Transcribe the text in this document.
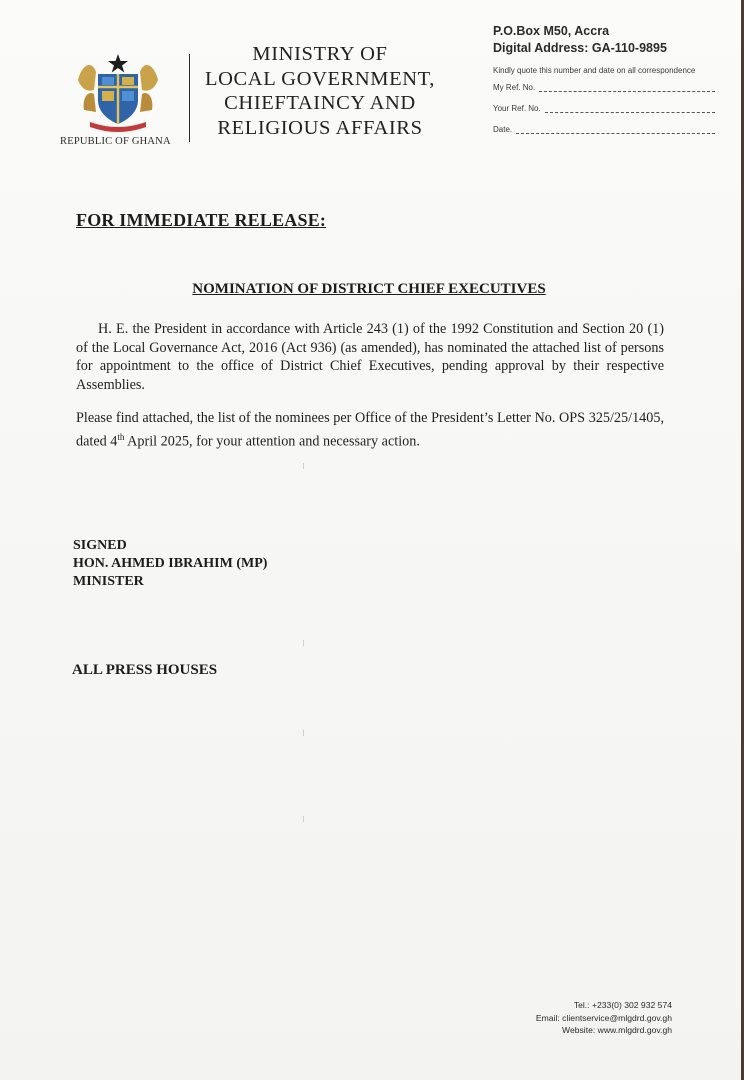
REPUBLIC OF GHANA
MINISTRY OF
LOCAL GOVERNMENT,
CHIEFTAINCY AND
RELIGIOUS AFFAIRS
P.O.Box M50, Accra
Digital Address: GA-110-9895
Kindly quote this number and date on all correspondence
My Ref. No.
Your Ref. No.
Date.
FOR IMMEDIATE RELEASE:
NOMINATION OF DISTRICT CHIEF EXECUTIVES
H. E. the President in accordance with Article 243 (1) of the 1992 Constitution and Section 20 (1) of the Local Governance Act, 2016 (Act 936) (as amended), has nominated the attached list of persons for appointment to the office of District Chief Executives, pending approval by their respective Assemblies.
Please find attached, the list of the nominees per Office of the President’s Letter No. OPS 325/25/1405, dated 4th April 2025, for your attention and necessary action.
SIGNED
HON. AHMED IBRAHIM (MP)
MINISTER
ALL PRESS HOUSES
Tel.: +233(0) 302 932 574
Email: clientservice@mlgdrd.gov.gh
Website: www.mlgdrd.gov.gh
